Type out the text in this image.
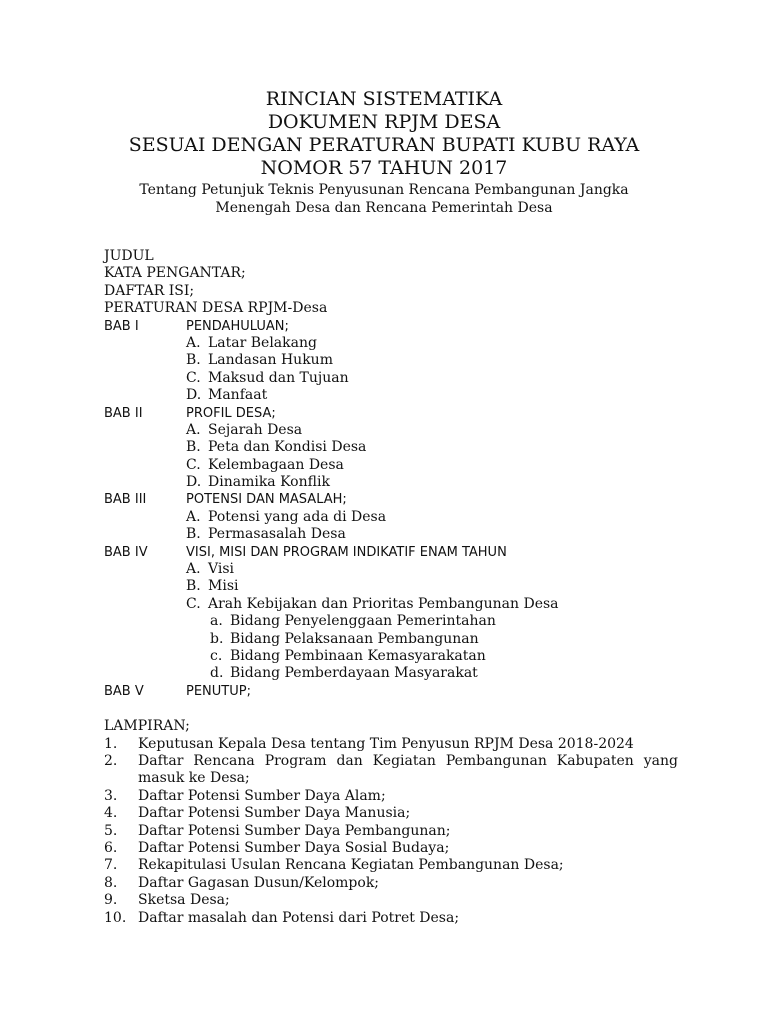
RINCIAN SISTEMATIKA
DOKUMEN RPJM DESA
SESUAI DENGAN PERATURAN BUPATI KUBU RAYA
NOMOR 57 TAHUN 2017
Tentang Petunjuk Teknis Penyusunan Rencana Pembangunan Jangka
Menengah Desa dan Rencana Pemerintah Desa
JUDUL
KATA PENGANTAR;
DAFTAR ISI;
PERATURAN DESA RPJM-Desa
BAB I	PENDAHULUAN;
A. Latar Belakang
B. Landasan Hukum
C. Maksud dan Tujuan
D. Manfaat
BAB II	PROFIL DESA;
A. Sejarah Desa
B. Peta dan Kondisi Desa
C. Kelembagaan Desa
D. Dinamika Konflik
BAB III	POTENSI DAN MASALAH;
A. Potensi yang ada di Desa
B. Permasasalah Desa
BAB IV	VISI, MISI DAN PROGRAM INDIKATIF ENAM TAHUN
A. Visi
B. Misi
C. Arah Kebijakan dan Prioritas Pembangunan Desa
a. Bidang Penyelenggaan Pemerintahan
b. Bidang Pelaksanaan Pembangunan
c. Bidang Pembinaan Kemasyarakatan
d. Bidang Pemberdayaan Masyarakat
BAB V	PENUTUP;
LAMPIRAN;
1. Keputusan Kepala Desa tentang Tim Penyusun RPJM Desa 2018-2024
2. Daftar Rencana Program dan Kegiatan Pembangunan Kabupaten yang masuk ke Desa;
3. Daftar Potensi Sumber Daya Alam;
4. Daftar Potensi Sumber Daya Manusia;
5. Daftar Potensi Sumber Daya Pembangunan;
6. Daftar Potensi Sumber Daya Sosial Budaya;
7. Rekapitulasi Usulan Rencana Kegiatan Pembangunan Desa;
8. Daftar Gagasan Dusun/Kelompok;
9. Sketsa Desa;
10. Daftar masalah dan Potensi dari Potret Desa;
